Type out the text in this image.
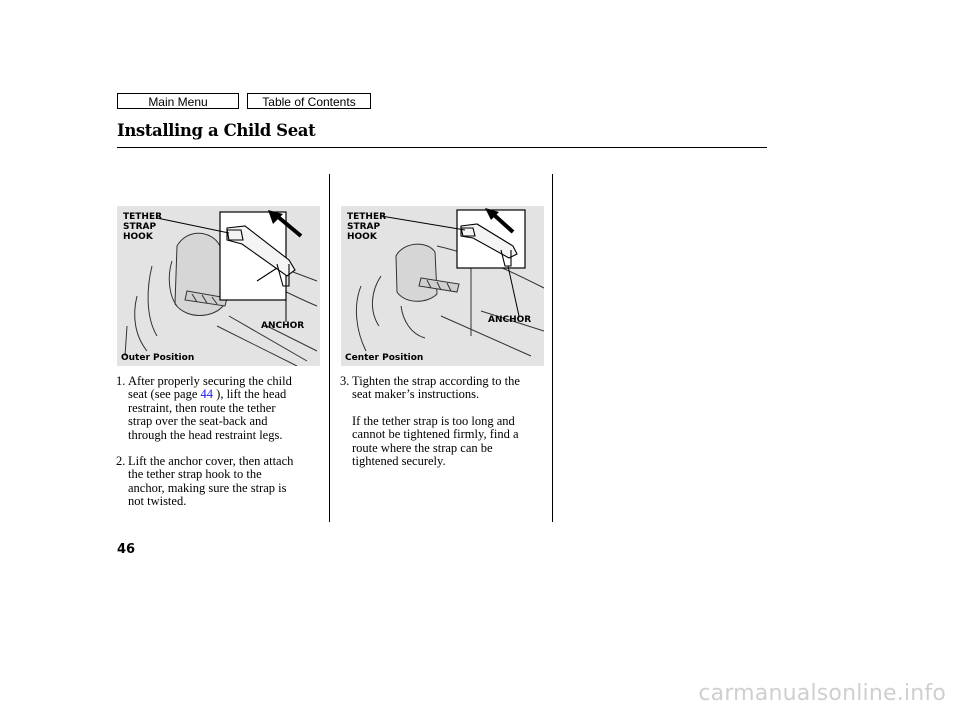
Main Menu	Table of Contents
Installing a Child Seat
TETHER
STRAP
HOOK
ANCHOR
Outer Position
TETHER
STRAP
HOOK
ANCHOR
Center Position
1. After properly securing the child
seat (see page 44 ), lift the head
restraint, then route the tether
strap over the seat-back and
through the head restraint legs.
2. Lift the anchor cover, then attach
the tether strap hook to the
anchor, making sure the strap is
not twisted.
3. Tighten the strap according to the
seat maker’s instructions.
If the tether strap is too long and
cannot be tightened firmly, find a
route where the strap can be
tightened securely.
46
carmanualsonline.info
